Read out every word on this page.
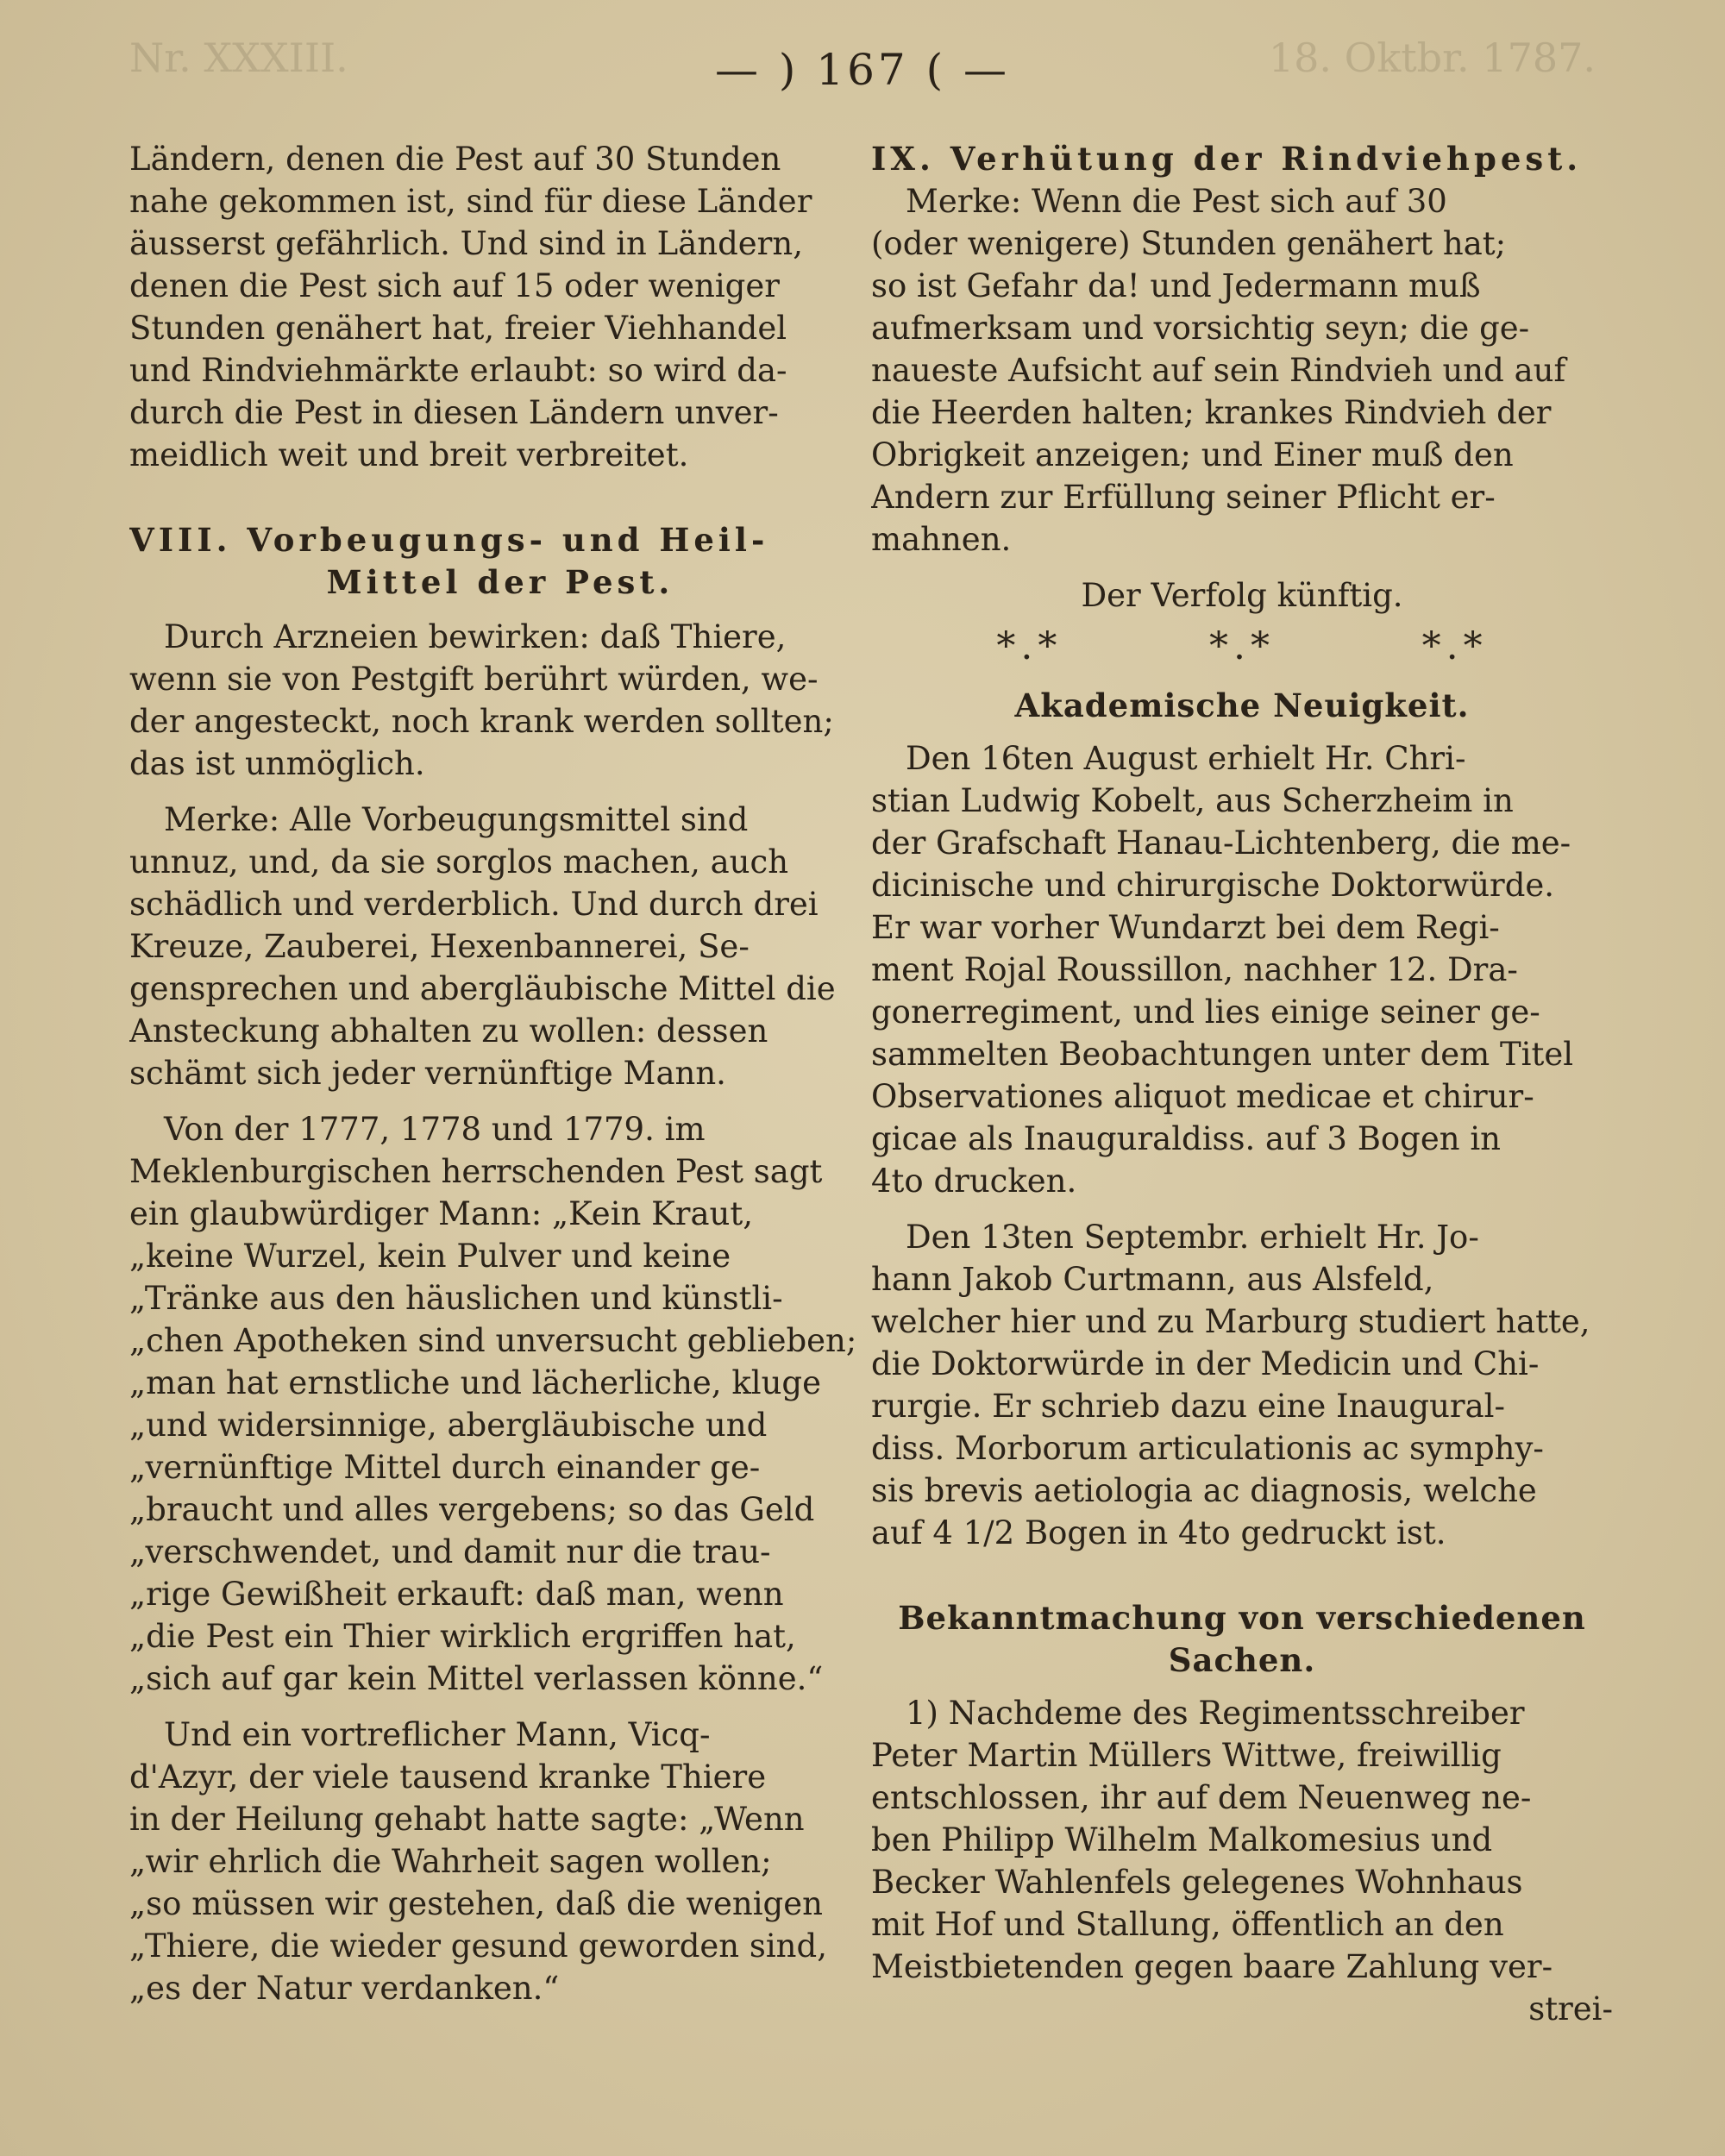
Nr. XXXIII.	18. Oktbr. 1787.
— ) 167 ( —

Ländern, denen die Pest auf 30 Stunden
nahe gekommen ist, sind für diese Länder
äusserst gefährlich. Und sind in Ländern,
denen die Pest sich auf 15 oder weniger
Stunden genähert hat, freier Viehhandel
und Rindviehmärkte erlaubt: so wird da-
durch die Pest in diesen Ländern unver-
meidlich weit und breit verbreitet.

VIII. Vorbeugungs- und Heil-
Mittel der Pest.

Durch Arzneien bewirken: daß Thiere,
wenn sie von Pestgift berührt würden, we-
der angesteckt, noch krank werden sollten;
das ist unmöglich.

Merke: Alle Vorbeugungsmittel sind
unnuz, und, da sie sorglos machen, auch
schädlich und verderblich. Und durch drei
Kreuze, Zauberei, Hexenbannerei, Se-
gensprechen und abergläubische Mittel die
Ansteckung abhalten zu wollen: dessen
schämt sich jeder vernünftige Mann.

Von der 1777, 1778 und 1779. im
Meklenburgischen herrschenden Pest sagt
ein glaubwürdiger Mann: „Kein Kraut,
„keine Wurzel, kein Pulver und keine
„Tränke aus den häuslichen und künstli-
„chen Apotheken sind unversucht geblieben;
„man hat ernstliche und lächerliche, kluge
„und widersinnige, abergläubische und
„vernünftige Mittel durch einander ge-
„braucht und alles vergebens; so das Geld
„verschwendet, und damit nur die trau-
„rige Gewißheit erkauft: daß man, wenn
„die Pest ein Thier wirklich ergriffen hat,
„sich auf gar kein Mittel verlassen könne.“

Und ein vortreflicher Mann, Vicq-
d'Azyr, der viele tausend kranke Thiere
in der Heilung gehabt hatte sagte: „Wenn
„wir ehrlich die Wahrheit sagen wollen;
„so müssen wir gestehen, daß die wenigen
„Thiere, die wieder gesund geworden sind,
„es der Natur verdanken.“

IX. Verhütung der Rindviehpest.

Merke: Wenn die Pest sich auf 30
(oder wenigere) Stunden genähert hat;
so ist Gefahr da! und Jedermann muß
aufmerksam und vorsichtig seyn; die ge-
naueste Aufsicht auf sein Rindvieh und auf
die Heerden halten; krankes Rindvieh der
Obrigkeit anzeigen; und Einer muß den
Andern zur Erfüllung seiner Pflicht er-
mahnen.

Der Verfolg künftig.
*.*	*.*	*.*
Akademische Neuigkeit.

Den 16ten August erhielt Hr. Chri-
stian Ludwig Kobelt, aus Scherzheim in
der Grafschaft Hanau-Lichtenberg, die me-
dicinische und chirurgische Doktorwürde.
Er war vorher Wundarzt bei dem Regi-
ment Rojal Roussillon, nachher 12. Dra-
gonerregiment, und lies einige seiner ge-
sammelten Beobachtungen unter dem Titel
Observationes aliquot medicae et chirur-
gicae als Inauguraldiss. auf 3 Bogen in
4to drucken.

Den 13ten Septembr. erhielt Hr. Jo-
hann Jakob Curtmann, aus Alsfeld,
welcher hier und zu Marburg studiert hatte,
die Doktorwürde in der Medicin und Chi-
rurgie. Er schrieb dazu eine Inaugural-
diss. Morborum articulationis ac symphy-
sis brevis aetiologia ac diagnosis, welche
auf 4 1/2 Bogen in 4to gedruckt ist.

Bekanntmachung von verschiedenen
Sachen.

1) Nachdeme des Regimentsschreiber
Peter Martin Müllers Wittwe, freiwillig
entschlossen, ihr auf dem Neuenweg ne-
ben Philipp Wilhelm Malkomesius und
Becker Wahlenfels gelegenes Wohnhaus
mit Hof und Stallung, öffentlich an den
Meistbietenden gegen baare Zahlung ver-
strei-
